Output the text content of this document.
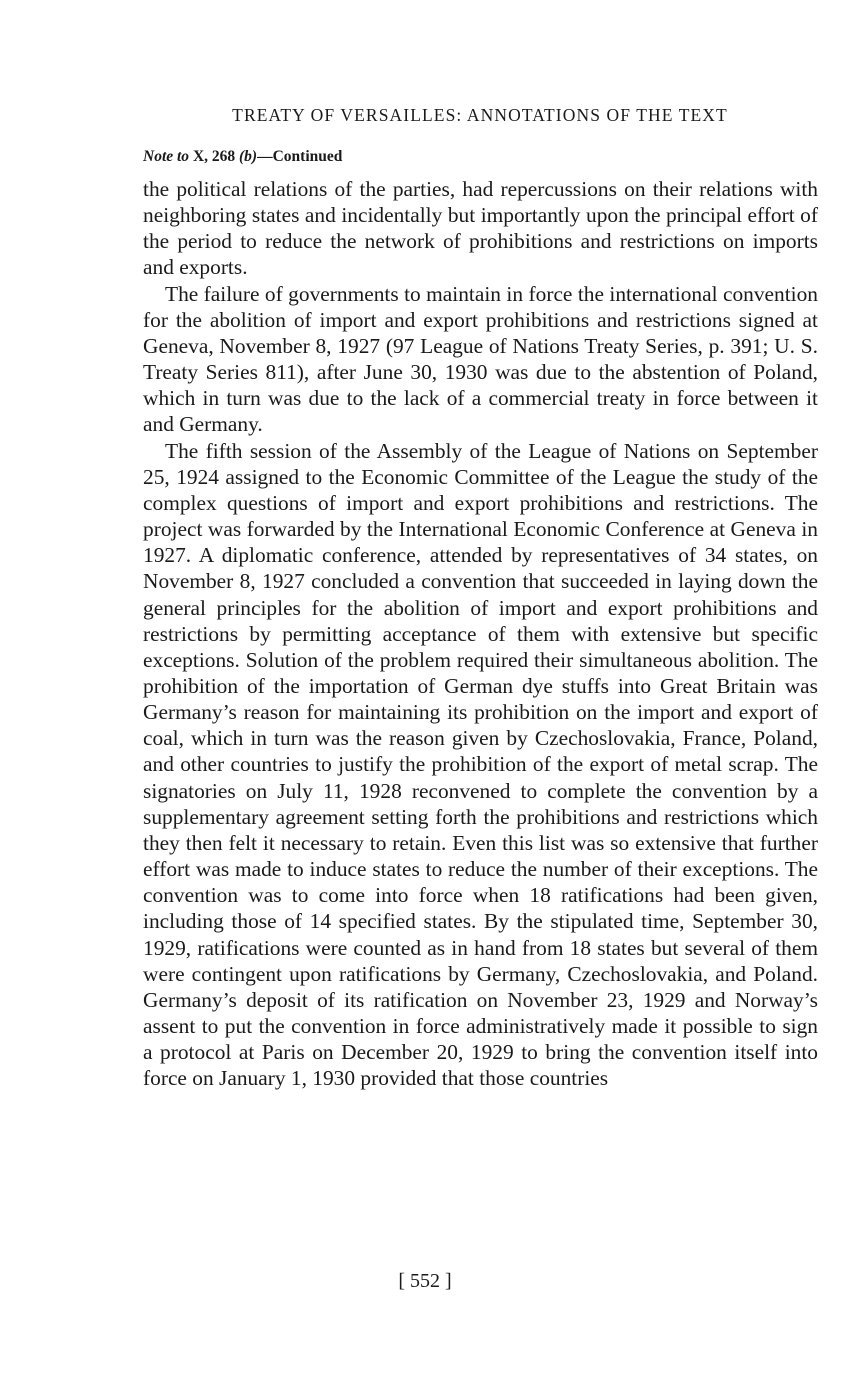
TREATY OF VERSAILLES: ANNOTATIONS OF THE TEXT
Note to X, 268 (b)—Continued

the political relations of the parties, had repercussions on their relations with neighboring states and incidentally but importantly upon the principal effort of the period to reduce the network of prohibitions and restrictions on imports and exports.

The failure of governments to maintain in force the international convention for the abolition of import and export prohibitions and restrictions signed at Geneva, November 8, 1927 (97 League of Nations Treaty Series, p. 391; U. S. Treaty Series 811), after June 30, 1930 was due to the abstention of Poland, which in turn was due to the lack of a commercial treaty in force between it and Germany.

The fifth session of the Assembly of the League of Nations on September 25, 1924 assigned to the Economic Committee of the League the study of the complex questions of import and export prohibitions and restrictions. The project was forwarded by the International Economic Conference at Geneva in 1927. A diplomatic conference, attended by representatives of 34 states, on November 8, 1927 concluded a convention that succeeded in laying down the general principles for the abolition of import and export prohibitions and restrictions by permitting acceptance of them with extensive but specific exceptions. Solution of the problem required their simultaneous abolition. The prohibition of the importation of German dye stuffs into Great Britain was Germany’s reason for maintaining its prohibition on the import and export of coal, which in turn was the reason given by Czechoslovakia, France, Poland, and other countries to justify the prohibition of the export of metal scrap. The signatories on July 11, 1928 reconvened to complete the convention by a supplementary agreement setting forth the prohibitions and restrictions which they then felt it necessary to retain. Even this list was so extensive that further effort was made to induce states to reduce the number of their exceptions. The convention was to come into force when 18 ratifications had been given, including those of 14 specified states. By the stipulated time, September 30, 1929, ratifications were counted as in hand from 18 states but several of them were contingent upon ratifications by Germany, Czechoslovakia, and Poland. Germany’s deposit of its ratification on November 23, 1929 and Norway’s assent to put the convention in force administratively made it possible to sign a protocol at Paris on December 20, 1929 to bring the convention itself into force on January 1, 1930 provided that those countries

[ 552 ]
